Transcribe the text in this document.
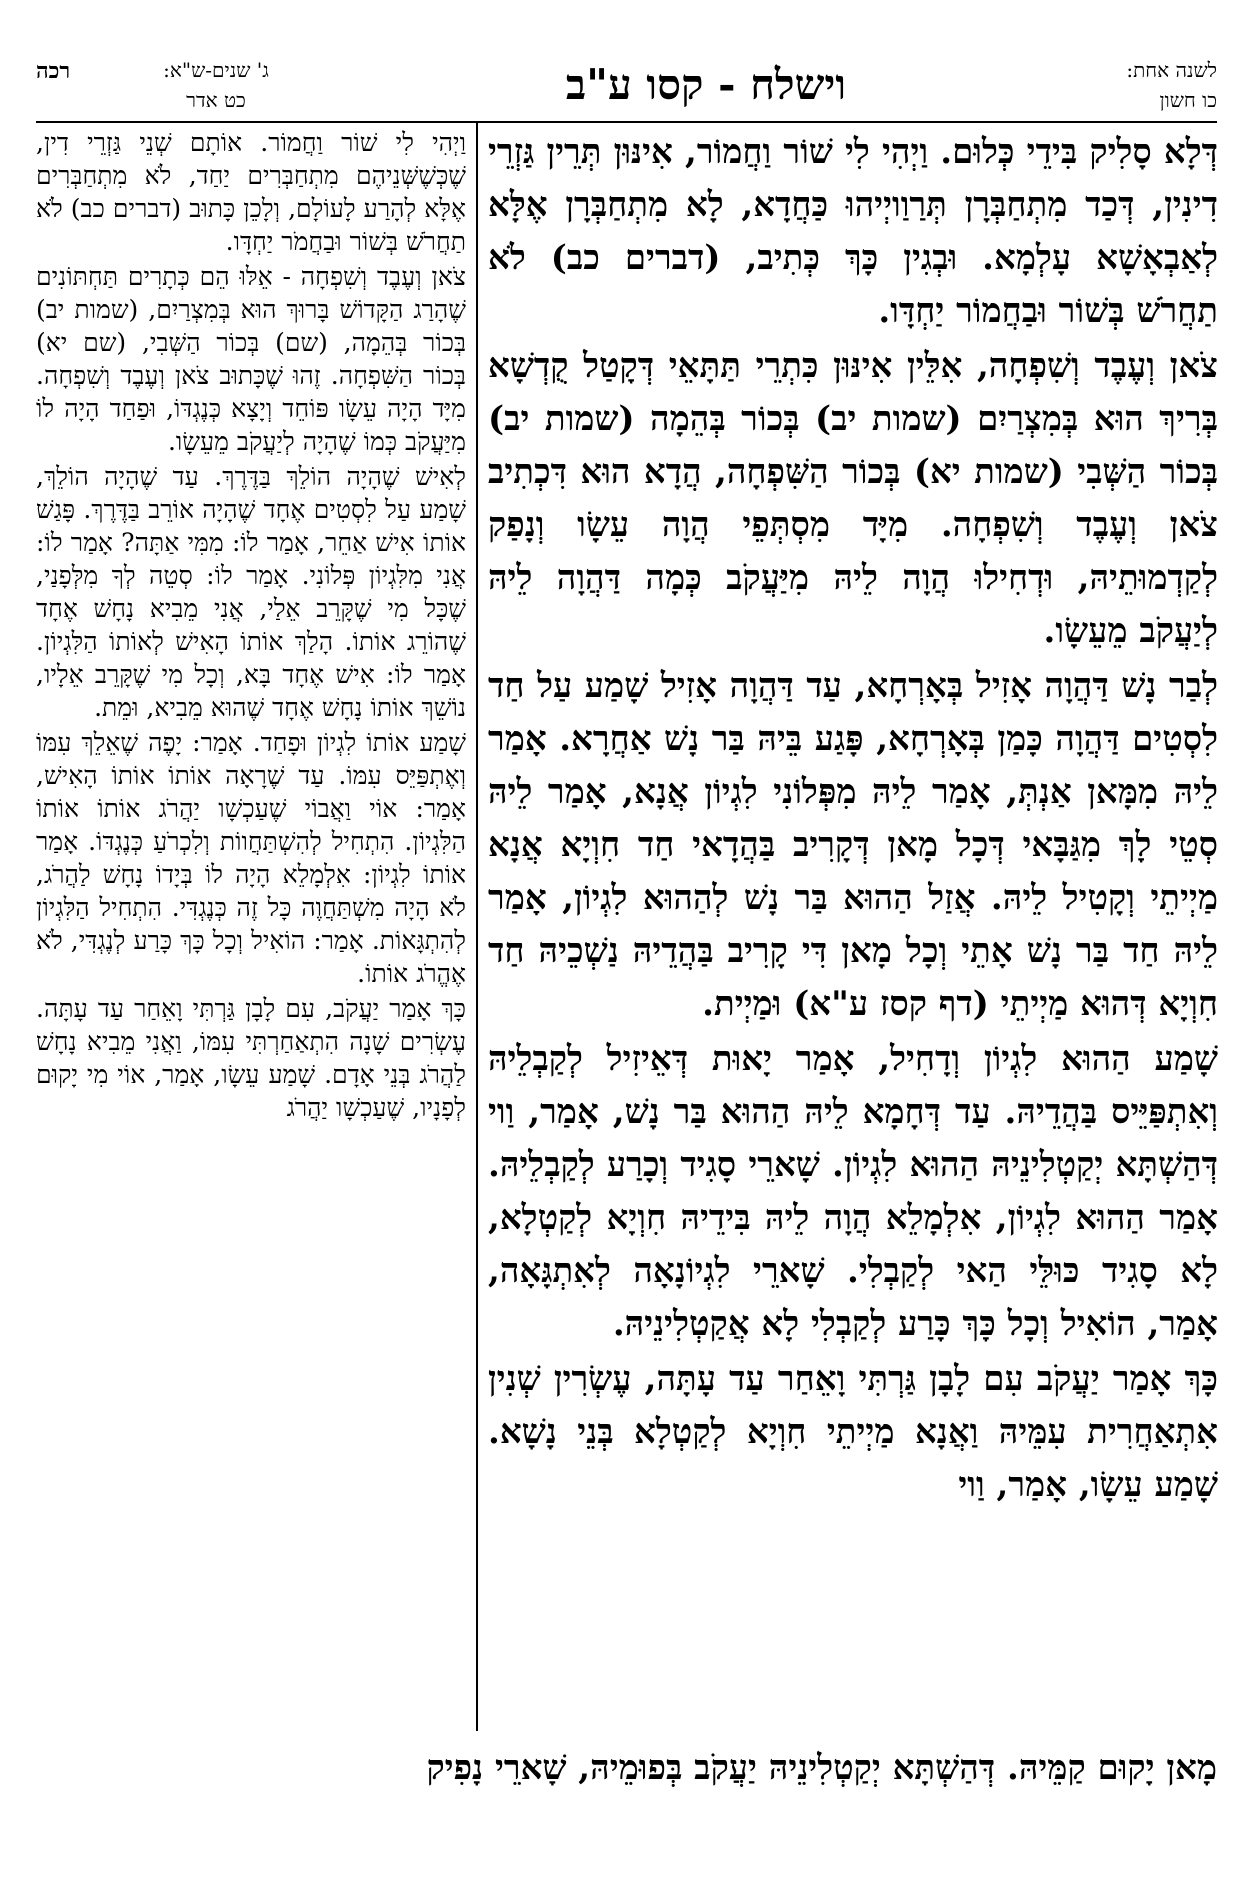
רכה	ג' שנים-ש"א:
כט אדר	וישלח - קסו ע"ב	לשנה אחת:
כו חשון

דְּלָא סָלִיק בִּידֵי כְּלוּם. וַיְהִי לִי שׁוֹר וַחֲמוֹר, אִינּוּן תְּרֵין גַּזְרֵי דִינִין, דְּכַד מִתְחַבְּרָן תְּרַוַויְיהוּ כַּחֲדָא, לָא מִתְחַבְּרָן אֶלָּא לְאַבְאָשָׁא עָלְמָא. וּבְגִין כָּךְ כְּתִיב, (דברים כב) לֹא תַחֲרֹשׁ בְּשׁוֹר וּבַחֲמוֹר יַחְדָּו.

צֹאן וְעֶבֶד וְשִׁפְחָה, אִלֵּין אִינּוּן כִּתְרֵי תַּתָּאֵי דְּקָטַל קֻדְשָׁא בְּרִיךְ הוּא בְּמִצְרַיִם (שמות יב) בְּכוֹר בְּהֵמָה (שמות יב) בְּכוֹר הַשְּׁבִי (שמות יא) בְּכוֹר הַשִּׁפְחָה, הֲדָא הוּא דִּכְתִיב צֹאן וְעֶבֶד וְשִׁפְחָה. מִיָּד מִסְתְּפֵי הֲוָה עֵשָׂו וְנָפַק לְקַדְמוּתֵיהּ, וּדְחִילוּ הֲוָה לֵיהּ מִיַּעֲקֹב כְּמָה דַּהֲוָה לֵיהּ לְיַעֲקֹב מֵעֵשָׂו.

לְבַר נָשׁ דַּהֲוָה אָזִיל בְּאָרְחָא, עַד דַּהֲוָה אָזִיל שָׁמַע עַל חַד לִסְטִים דַּהֲוָה כָּמַן בְּאָרְחָא, פָּגַע בֵּיהּ בַּר נָשׁ אַחֲרָא. אָמַר לֵיהּ מִמָּאן אַנְתְּ, אָמַר לֵיהּ מִפְּלוֹנִי לִגְיוֹן אֲנָא, אָמַר לֵיהּ סְטֵי לָךְ מִגַּבָּאי דְּכָל מָאן דְּקָרִיב בַּהֲדָאי חַד חִוְיָא אֲנָא מַיְיתֵי וְקָטִיל לֵיהּ. אֲזַל הַהוּא בַּר נָשׁ לְהַהוּא לִגְיוֹן, אָמַר לֵיהּ חַד בַּר נָשׁ אָתֵי וְכָל מָאן דִּי קָרִיב בַּהֲדֵיהּ נַשְׁכֵיהּ חַד חִוְיָא דְּהוּא מַיְיתֵי (דף קסז ע"א) וּמַיְית.

שָׁמַע הַהוּא לִגְיוֹן וְדָחִיל, אָמַר יָאוּת דְּאֵיזִיל לְקַבְלֵיהּ וְאִתְפַּיֵּיס בַּהֲדֵיהּ. עַד דְּחָמָא לֵיהּ הַהוּא בַּר נָשׁ, אָמַר, וַוי דְּהַשְׁתָּא יְקַטְלִינֵיהּ הַהוּא לִגְיוֹן. שָׁארֵי סָגִיד וְכָרַע לְקַבְלֵיהּ. אָמַר הַהוּא לִגְיוֹן, אִלְמָלֵא הֲוָה לֵיהּ בִּידֵיהּ חִוְיָא לְקַטְלָא, לָא סָגִיד כּוּלֵּי הַאי לְקַבְלִי. שָׁארֵי לִגְיוֹנָאָה לְאִתְגָּאָה, אָמַר, הוֹאִיל וְכָל כָּךְ כָּרַע לְקַבְלִי לָא אֲקַטְלִינֵיהּ.

כָּךְ אָמַר יַעֲקֹב עִם לָבָן גַּרְתִּי וָאֵחַר עַד עָתָּה, עֶשְׂרִין שְׁנִין אִתְאַחֲרִית עִמֵּיהּ וַאֲנָא מַיְיתֵי חִוְיָא לְקַטְלָא בְּנֵי נָשָׁא. שָׁמַע עֵשָׂו, אָמַר, וַוי

וַיְהִי לִי שׁוֹר וַחֲמוֹר. אוֹתָם שְׁנֵי גַּזְרֵי דִין, שֶׁכְּשֶׁשְּׁנֵיהֶם מִתְחַבְּרִים יַחַד, לֹא מִתְחַבְּרִים אֶלָּא לְהָרַע לָעוֹלָם, וְלָכֵן כָּתוּב (דברים כב) לֹא תַחֲרֹשׁ בְּשׁוֹר וּבַחֲמֹר יַחְדָּו.

צֹאן וְעֶבֶד וְשִׁפְחָה - אֵלּוּ הֵם כְּתָרִים תַּחְתּוֹנִים שֶׁהָרַג הַקָּדוֹשׁ בָּרוּךְ הוּא בְּמִצְרַיִם, (שמות יב) בְּכוֹר בְּהֵמָה, (שם) בְּכוֹר הַשְּׁבִי, (שם יא) בְּכוֹר הַשִּׁפְחָה. זֶהוּ שֶׁכָּתוּב צֹאן וְעֶבֶד וְשִׁפְחָה. מִיָּד הָיָה עֵשָׂו פּוֹחֵד וְיָצָא כְּנֶגְדּוֹ, וּפַחַד הָיָה לוֹ מִיַּעֲקֹב כְּמוֹ שֶׁהָיָה לְיַעֲקֹב מֵעֵשָׂו.

לְאִישׁ שֶׁהָיָה הוֹלֵךְ בַּדֶּרֶךְ. עַד שֶׁהָיָה הוֹלֵךְ, שָׁמַע עַל לִסְטִים אֶחָד שֶׁהָיָה אוֹרֵב בַּדֶּרֶךְ. פָּגַשׁ אוֹתוֹ אִישׁ אַחֵר, אָמַר לוֹ: מִמִּי אַתָּה? אָמַר לוֹ: אֲנִי מִלִּגְיוֹן פְּלוֹנִי. אָמַר לוֹ: סְטֵה לְךָ מִלְּפָנַי, שֶׁכָּל מִי שֶׁקָּרֵב אֵלַי, אֲנִי מֵבִיא נָחָשׁ אֶחָד שֶׁהוֹרֵג אוֹתוֹ. הָלַךְ אוֹתוֹ הָאִישׁ לְאוֹתוֹ הַלִּגְיוֹן. אָמַר לוֹ: אִישׁ אֶחָד בָּא, וְכָל מִי שֶׁקָּרֵב אֵלָיו, נוֹשֵׁךְ אוֹתוֹ נָחָשׁ אֶחָד שֶׁהוּא מֵבִיא, וּמֵת.

שָׁמַע אוֹתוֹ לִגְיוֹן וּפָחַד. אָמַר: יָפֶה שֶׁאֵלֵךְ עִמּוֹ וְאֶתְפַּיֵּס עִמּוֹ. עַד שֶׁרָאָה אוֹתוֹ אוֹתוֹ הָאִישׁ, אָמַר: אוֹי וַאֲבוֹי שֶׁעַכְשָׁו יַהֲרֹג אוֹתוֹ אוֹתוֹ הַלִּגְיוֹן. הִתְחִיל לְהִשְׁתַּחֲווֹת וְלִכְרֹעַ כְּנֶגְדּוֹ. אָמַר אוֹתוֹ לִגְיוֹן: אִלְמָלֵא הָיָה לוֹ בְּיָדוֹ נָחָשׁ לַהֲרֹג, לֹא הָיָה מִשְׁתַּחֲוֶה כָּל זֶה כְּנֶגְדִּי. הִתְחִיל הַלִּגְיוֹן לְהִתְגָּאוֹת. אָמַר: הוֹאִיל וְכָל כָּךְ כָּרַע לְנֶגְדִּי, לֹא אֶהֱרֹג אוֹתוֹ.

כָּךְ אָמַר יַעֲקֹב, עִם לָבָן גַּרְתִּי וָאֵחַר עַד עָתָּה. עֶשְׂרִים שָׁנָה הִתְאַחַרְתִּי עִמּוֹ, וַאֲנִי מֵבִיא נָחָשׁ לַהֲרֹג בְּנֵי אָדָם. שָׁמַע עֵשָׂו, אָמַר, אוֹי מִי יָקוּם לְפָנָיו, שֶׁעַכְשָׁו יַהֲרֹג

מָאן יָקוּם קַמֵּיהּ. דְּהַשְׁתָּא יְקַטְלִינֵיהּ יַעֲקֹב בְּפוּמֵיהּ, שָׁארֵי נָפִיק
